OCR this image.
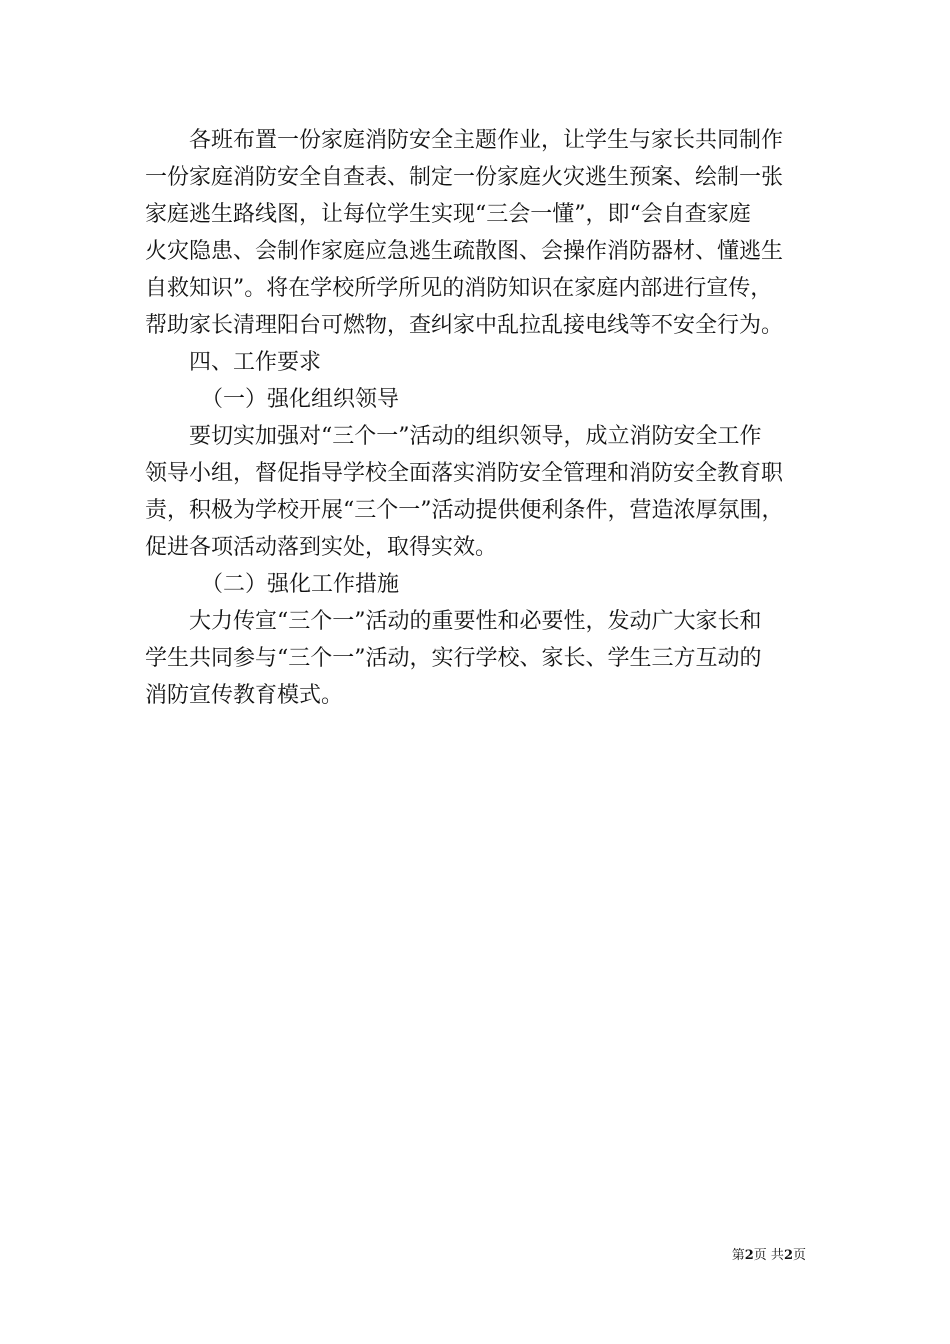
各班布置一份家庭消防安全主题作业，让学生与家长共同制作
一份家庭消防安全自查表、制定一份家庭火灾逃生预案、绘制一张
家庭逃生路线图，让每位学生实现“三会一懂”，即“会自查家庭
火灾隐患、会制作家庭应急逃生疏散图、会操作消防器材、懂逃生
自救知识”。将在学校所学所见的消防知识在家庭内部进行宣传，
帮助家长清理阳台可燃物，查纠家中乱拉乱接电线等不安全行为。
四、工作要求
（一）强化组织领导
要切实加强对“三个一”活动的组织领导，成立消防安全工作
领导小组，督促指导学校全面落实消防安全管理和消防安全教育职
责，积极为学校开展“三个一”活动提供便利条件，营造浓厚氛围，
促进各项活动落到实处，取得实效。
（二）强化工作措施
大力传宣“三个一”活动的重要性和必要性，发动广大家长和
学生共同参与“三个一”活动，实行学校、家长、学生三方互动的
消防宣传教育模式。
第2页 共2页
